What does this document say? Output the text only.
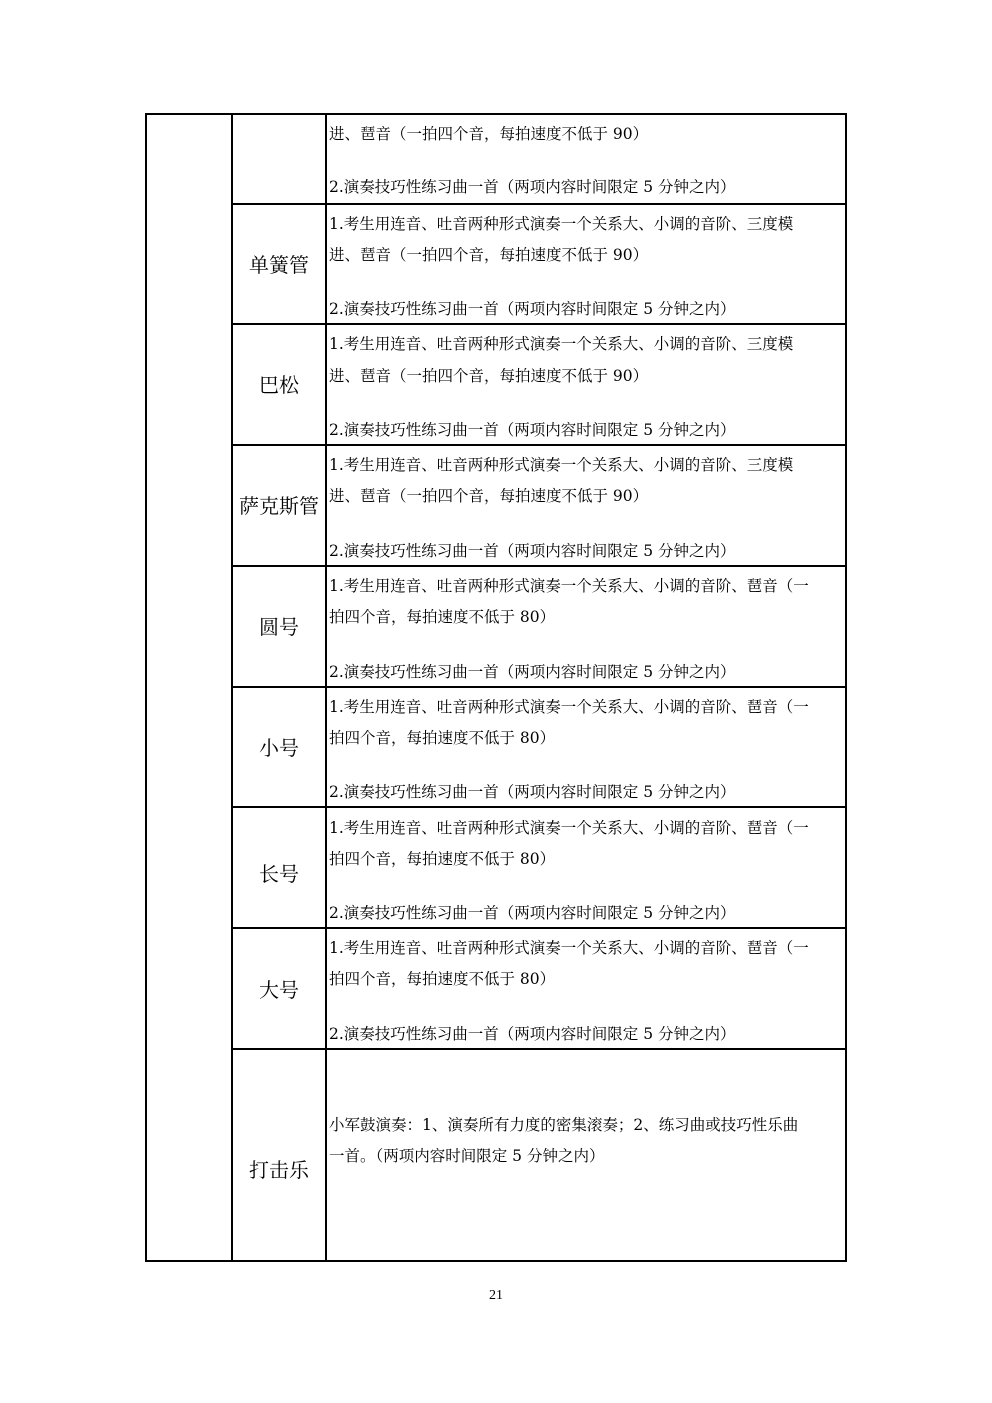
进、琶音（一拍四个音，每拍速度不低于 90）
2.演奏技巧性练习曲一首（两项内容时间限定 5 分钟之内）
单簧管
1.考生用连音、吐音两种形式演奏一个关系大、小调的音阶、三度模
进、琶音（一拍四个音，每拍速度不低于 90）
2.演奏技巧性练习曲一首（两项内容时间限定 5 分钟之内）
巴松
1.考生用连音、吐音两种形式演奏一个关系大、小调的音阶、三度模
进、琶音（一拍四个音，每拍速度不低于 90）
2.演奏技巧性练习曲一首（两项内容时间限定 5 分钟之内）
萨克斯管
1.考生用连音、吐音两种形式演奏一个关系大、小调的音阶、三度模
进、琶音（一拍四个音，每拍速度不低于 90）
2.演奏技巧性练习曲一首（两项内容时间限定 5 分钟之内）
圆号
1.考生用连音、吐音两种形式演奏一个关系大、小调的音阶、琶音（一
拍四个音，每拍速度不低于 80）
2.演奏技巧性练习曲一首（两项内容时间限定 5 分钟之内）
小号
1.考生用连音、吐音两种形式演奏一个关系大、小调的音阶、琶音（一
拍四个音，每拍速度不低于 80）
2.演奏技巧性练习曲一首（两项内容时间限定 5 分钟之内）
长号
1.考生用连音、吐音两种形式演奏一个关系大、小调的音阶、琶音（一
拍四个音，每拍速度不低于 80）
2.演奏技巧性练习曲一首（两项内容时间限定 5 分钟之内）
大号
1.考生用连音、吐音两种形式演奏一个关系大、小调的音阶、琶音（一
拍四个音，每拍速度不低于 80）
2.演奏技巧性练习曲一首（两项内容时间限定 5 分钟之内）
打击乐
小军鼓演奏：1、演奏所有力度的密集滚奏；2、练习曲或技巧性乐曲
一首。（两项内容时间限定 5 分钟之内）
21
